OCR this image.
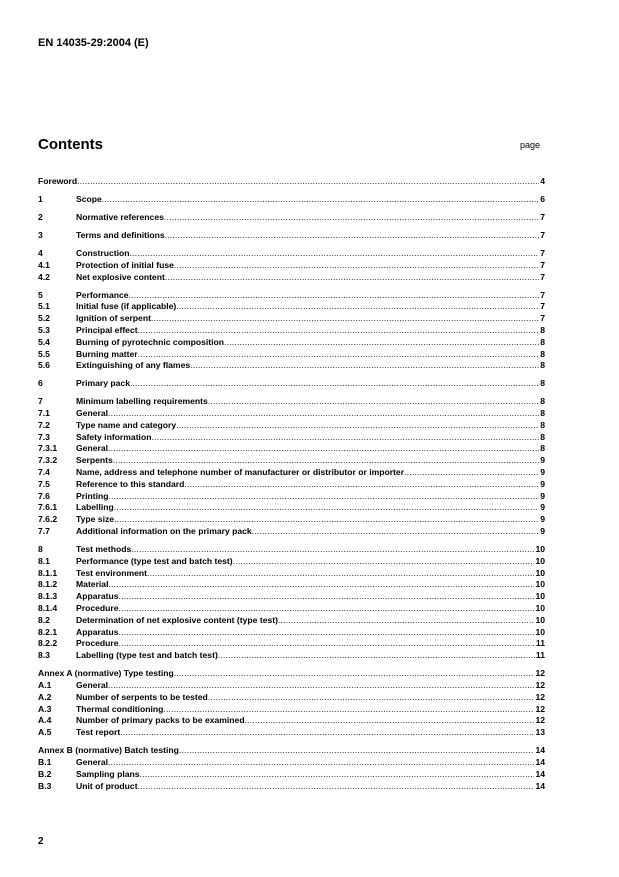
EN 14035-29:2004 (E)
Contents	page
Foreword .....	4
1	Scope .....	6
2	Normative references .....	7
3	Terms and definitions .....	7
4	Construction .....	7
4.1	Protection of initial fuse .....	7
4.2	Net explosive content .....	7
5	Performance .....	7
5.1	Initial fuse (if applicable) .....	7
5.2	Ignition of serpent .....	7
5.3	Principal effect .....	8
5.4	Burning of pyrotechnic composition .....	8
5.5	Burning matter .....	8
5.6	Extinguishing of any flames .....	8
6	Primary pack .....	8
7	Minimum labelling requirements .....	8
7.1	General .....	8
7.2	Type name and category .....	8
7.3	Safety information .....	8
7.3.1	General .....	8
7.3.2	Serpents .....	9
7.4	Name, address and telephone number of manufacturer or distributor or importer .....	9
7.5	Reference to this standard .....	9
7.6	Printing .....	9
7.6.1	Labelling .....	9
7.6.2	Type size .....	9
7.7	Additional information on the primary pack .....	9
8	Test methods .....	10
8.1	Performance (type test and batch test) .....	10
8.1.1	Test environment .....	10
8.1.2	Material .....	10
8.1.3	Apparatus .....	10
8.1.4	Procedure .....	10
8.2	Determination of net explosive content (type test) .....	10
8.2.1	Apparatus .....	10
8.2.2	Procedure .....	11
8.3	Labelling (type test and batch test) .....	11
Annex A (normative) Type testing .....	12
A.1	General .....	12
A.2	Number of serpents to be tested .....	12
A.3	Thermal conditioning .....	12
A.4	Number of primary packs to be examined .....	12
A.5	Test report .....	13
Annex B (normative) Batch testing .....	14
B.1	General .....	14
B.2	Sampling plans .....	14
B.3	Unit of product .....	14
2
